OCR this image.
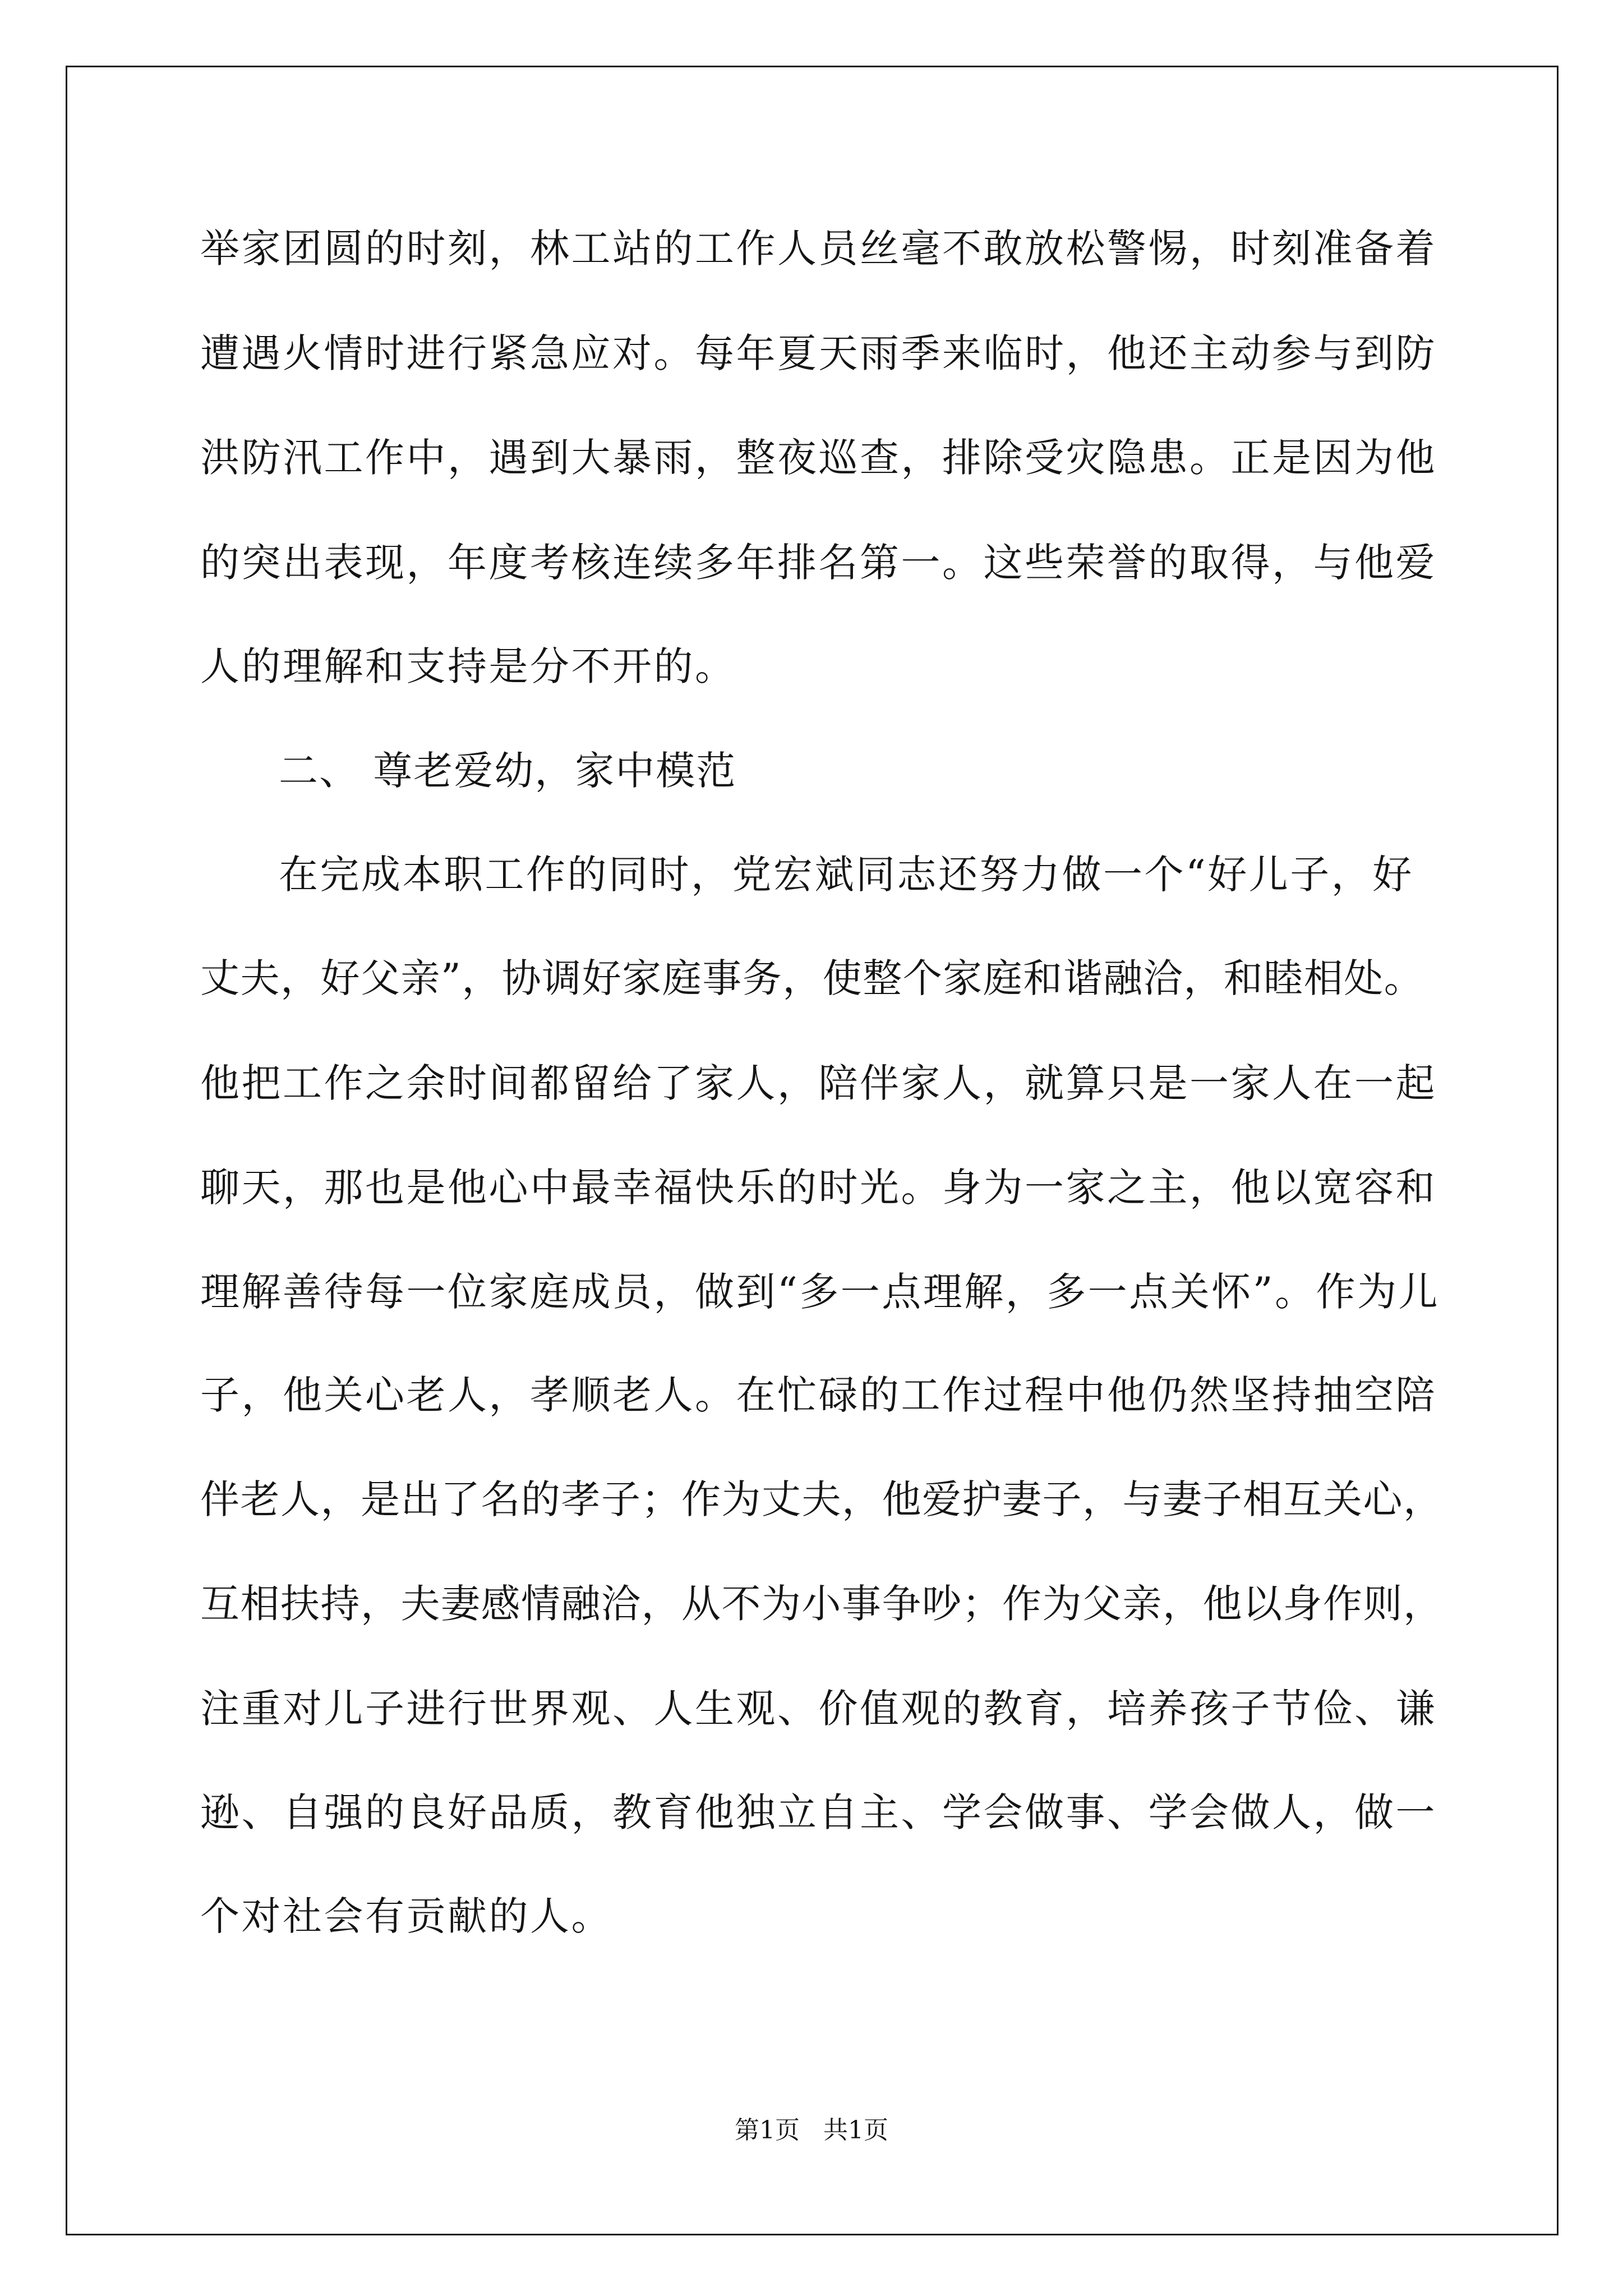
举家团圆的时刻，林工站的工作人员丝毫不敢放松警惕，时刻准备着

遭遇火情时进行紧急应对。每年夏天雨季来临时，他还主动参与到防

洪防汛工作中，遇到大暴雨，整夜巡查，排除受灾隐患。正是因为他

的突出表现，年度考核连续多年排名第一。这些荣誉的取得，与他爱

人的理解和支持是分不开的。

二、 尊老爱幼，家中模范

在完成本职工作的同时，党宏斌同志还努力做一个“好儿子，好

丈夫，好父亲”，协调好家庭事务，使整个家庭和谐融洽，和睦相处。

他把工作之余时间都留给了家人，陪伴家人，就算只是一家人在一起

聊天，那也是他心中最幸福快乐的时光。身为一家之主，他以宽容和

理解善待每一位家庭成员，做到“多一点理解，多一点关怀”。作为儿

子，他关心老人，孝顺老人。在忙碌的工作过程中他仍然坚持抽空陪

伴老人，是出了名的孝子；作为丈夫，他爱护妻子，与妻子相互关心，

互相扶持，夫妻感情融洽，从不为小事争吵；作为父亲，他以身作则，

注重对儿子进行世界观、人生观、价值观的教育，培养孩子节俭、谦

逊、自强的良好品质，教育他独立自主、学会做事、学会做人，做一

个对社会有贡献的人。

第1页   共1页
